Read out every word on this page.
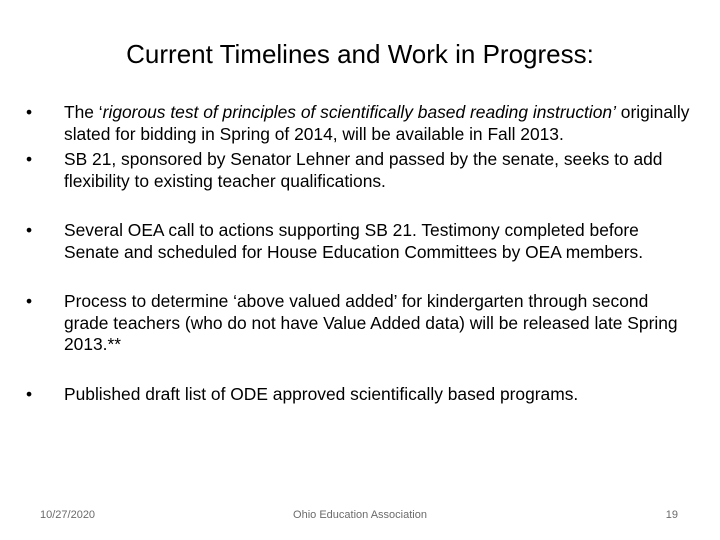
Current Timelines and Work in Progress:
•	The ‘rigorous test of principles of scientifically based reading instruction’ originally slated for bidding in Spring of 2014, will be available in Fall 2013.
•	SB 21, sponsored by Senator Lehner and passed by the senate, seeks to add flexibility to existing teacher qualifications.
•	Several OEA call to actions supporting SB 21. Testimony completed before Senate and scheduled for House Education Committees by OEA members.
•	Process to determine ‘above valued added’ for kindergarten through second grade teachers (who do not have Value Added data) will be released late Spring 2013.**
•	Published draft list of ODE approved scientifically based programs.
10/27/2020	Ohio Education Association	19
